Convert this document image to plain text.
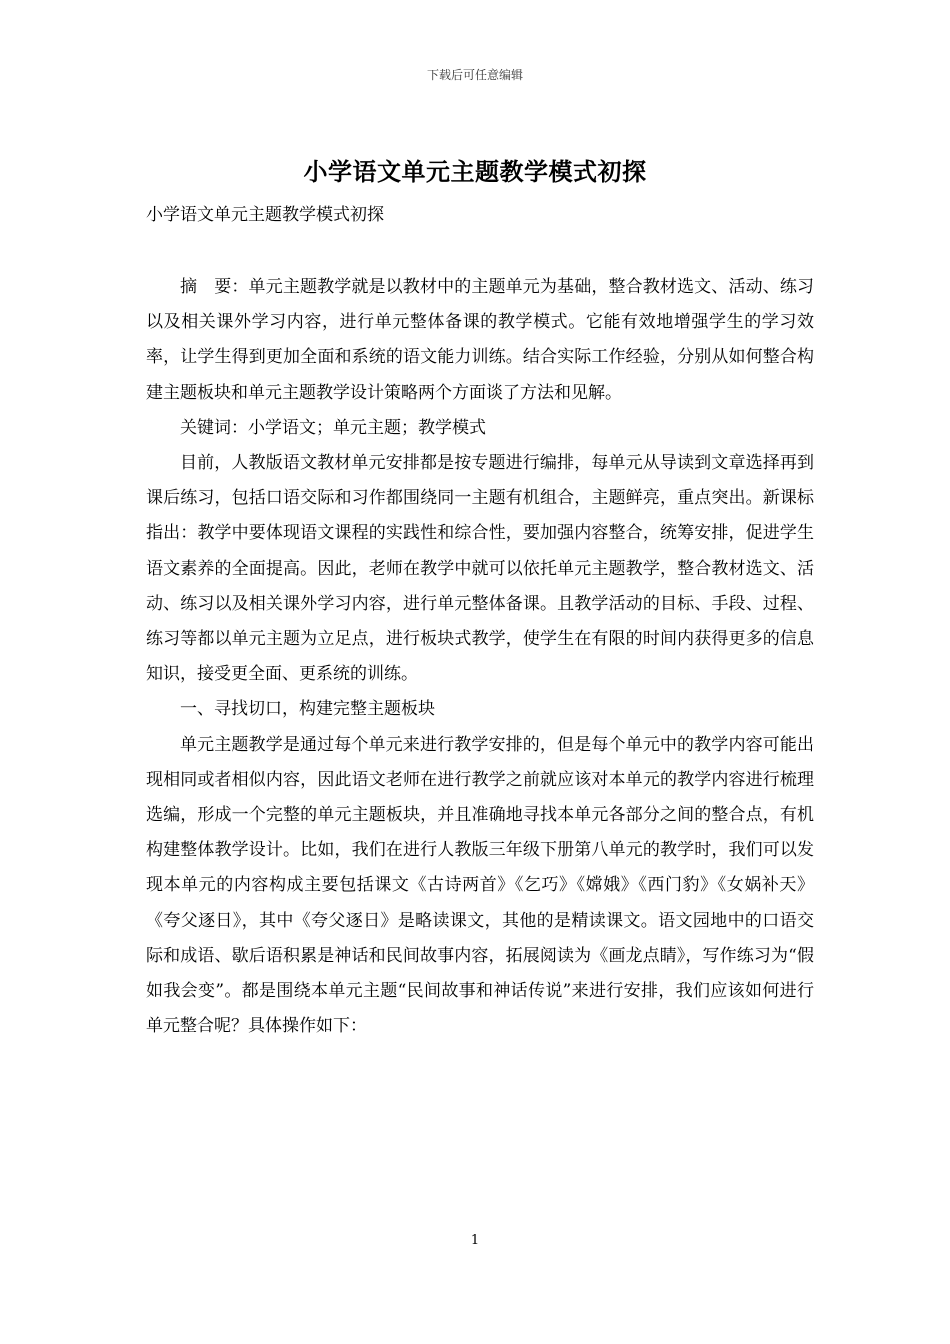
下载后可任意编辑
小学语文单元主题教学模式初探
小学语文单元主题教学模式初探

摘　要：单元主题教学就是以教材中的主题单元为基础，整合教材选文、活动、练习以及相关课外学习内容，进行单元整体备课的教学模式。它能有效地增强学生的学习效率，让学生得到更加全面和系统的语文能力训练。结合实际工作经验，分别从如何整合构建主题板块和单元主题教学设计策略两个方面谈了方法和见解。

关键词：小学语文；单元主题；教学模式

目前，人教版语文教材单元安排都是按专题进行编排，每单元从导读到文章选择再到课后练习，包括口语交际和习作都围绕同一主题有机组合，主题鲜亮，重点突出。新课标指出：教学中要体现语文课程的实践性和综合性，要加强内容整合，统筹安排，促进学生语文素养的全面提高。因此，老师在教学中就可以依托单元主题教学，整合教材选文、活动、练习以及相关课外学习内容，进行单元整体备课。且教学活动的目标、手段、过程、练习等都以单元主题为立足点，进行板块式教学，使学生在有限的时间内获得更多的信息知识，接受更全面、更系统的训练。

一、寻找切口，构建完整主题板块

单元主题教学是通过每个单元来进行教学安排的，但是每个单元中的教学内容可能出现相同或者相似内容，因此语文老师在进行教学之前就应该对本单元的教学内容进行梳理选编，形成一个完整的单元主题板块，并且准确地寻找本单元各部分之间的整合点，有机构建整体教学设计。比如，我们在进行人教版三年级下册第八单元的教学时，我们可以发现本单元的内容构成主要包括课文《古诗两首》《乞巧》《嫦娥》《西门豹》《女娲补天》《夸父逐日》，其中《夸父逐日》是略读课文，其他的是精读课文。语文园地中的口语交际和成语、歇后语积累是神话和民间故事内容，拓展阅读为《画龙点睛》，写作练习为“假如我会变”。都是围绕本单元主题“民间故事和神话传说”来进行安排，我们应该如何进行单元整合呢？具体操作如下：

1
